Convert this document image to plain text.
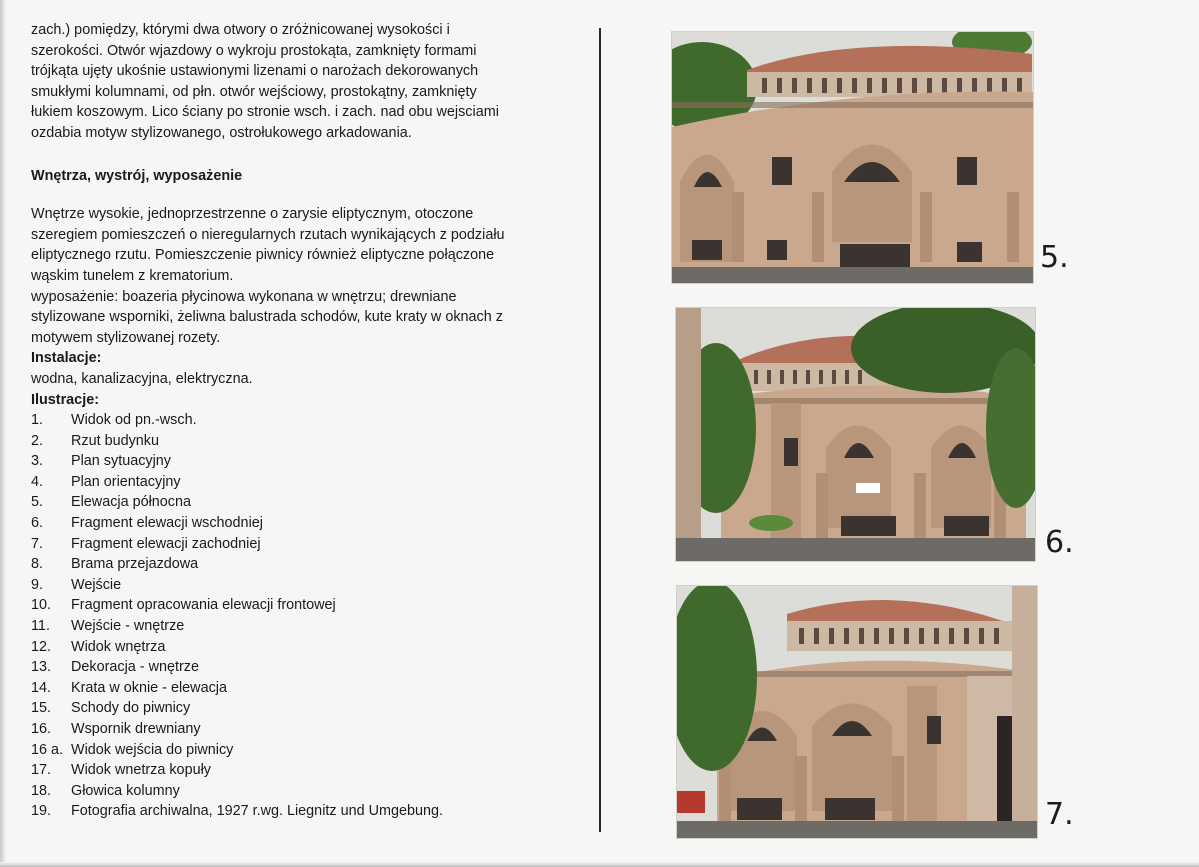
zach.) pomiędzy, którymi dwa otwory o zróżnicowanej wysokości i
szerokości. Otwór wjazdowy o wykroju prostokąta, zamknięty formami
trójkąta ujęty ukośnie ustawionymi lizenami o narożach dekorowanych
smukłymi kolumnami, od płn. otwór wejściowy, prostokątny, zamknięty
łukiem koszowym. Lico ściany po stronie wsch. i zach. nad obu wejsciami
ozdabia motyw stylizowanego, ostrołukowego arkadowania.

Wnętrza, wystrój, wyposażenie

Wnętrze wysokie, jednoprzestrzenne o zarysie eliptycznym, otoczone
szeregiem pomieszczeń o nieregularnych rzutach wynikających z podziału
eliptycznego rzutu. Pomieszczenie piwnicy również eliptyczne połączone
wąskim tunelem z krematorium.

wyposażenie: boazeria płycinowa wykonana w wnętrzu; drewniane
stylizowane wsporniki, żeliwna balustrada schodów, kute kraty w oknach z
motywem stylizowanej rozety.

Instalacje:
wodna, kanalizacyjna, elektryczna.
Ilustracje:
1.	Widok od pn.-wsch.
2.	Rzut budynku
3.	Plan sytuacyjny
4.	Plan orientacyjny
5.	Elewacja północna
6.	Fragment elewacji wschodniej
7.	Fragment elewacji zachodniej
8.	Brama przejazdowa
9.	Wejście
10.	Fragment opracowania elewacji frontowej
11.	Wejście - wnętrze
12.	Widok wnętrza
13.	Dekoracja - wnętrze
14.	Krata w oknie - elewacja
15.	Schody do piwnicy
16.	Wspornik drewniany
16 a. Widok wejścia do piwnicy
17.	Widok wnetrza kopuły
18.	Głowica kolumny
19.	Fotografia archiwalna, 1927 r.wg. Liegnitz und Umgebung.
5.
6.
7.
